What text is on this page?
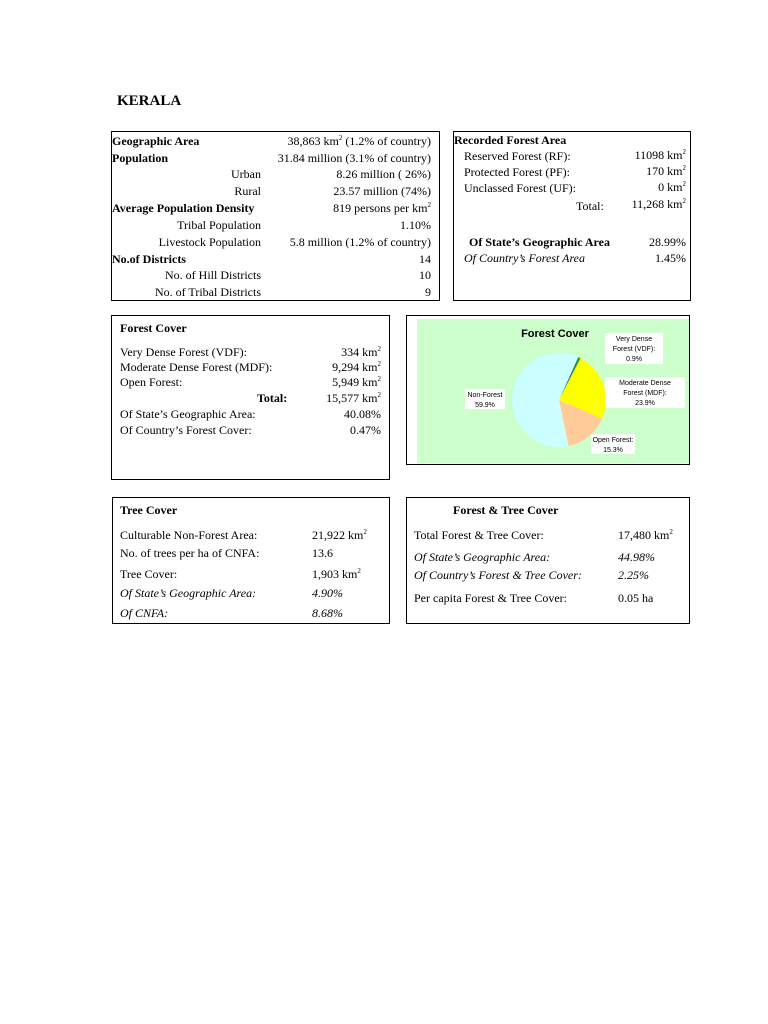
KERALA
Geographic Area	38,863 $km^2$ (1.2% of country)
Population	31.84 million (3.1% of country)
Urban	8.26 million ( 26%)
Rural	23.57 million (74%)
Average Population Density	819 persons per $km^2$
Tribal Population	1.10%
Livestock Population 5.8 million (1.2% of country)
No.of Districts	14
No. of Hill Districts	10
No. of Tribal Districts	9
Recorded Forest Area
Reserved Forest (RF):	11098 $km^2$
Protected Forest (PF):	170 $km^2$
Unclassed Forest (UF):	0 $km^2$
Total: 11,268 $km^2$
Of State’s Geographic Area	28.99%
Of Country’s Forest Area	1.45%
Forest Cover
Very Dense Forest (VDF):	334 $km^2$
Moderate Dense Forest (MDF):	9,294 $km^2$
Open Forest:	5,949 $km^2$
Total:	15,577 $km^2$
Of State’s Geographic Area:	40.08%
Of Country’s Forest Cover:	0.47%
Forest Cover	Very Dense
Forest (VDF):
0.9%
Moderate Dense
Forest (MDF):
23.9%
Open Forest:
15.3%
Non-Forest
59.9%
Tree Cover
Culturable Non-Forest Area:	21,922 $km^2$
No. of trees per ha of CNFA:	13.6
Tree Cover:	1,903 $km^2$
Of State’s Geographic Area:	4.90%
Of CNFA:	8.68%
Forest & Tree Cover
Total Forest & Tree Cover:	17,480 $km^2$
Of State’s Geographic Area:	44.98%
Of Country’s Forest & Tree Cover:	2.25%
Per capita Forest & Tree Cover:	0.05 ha
